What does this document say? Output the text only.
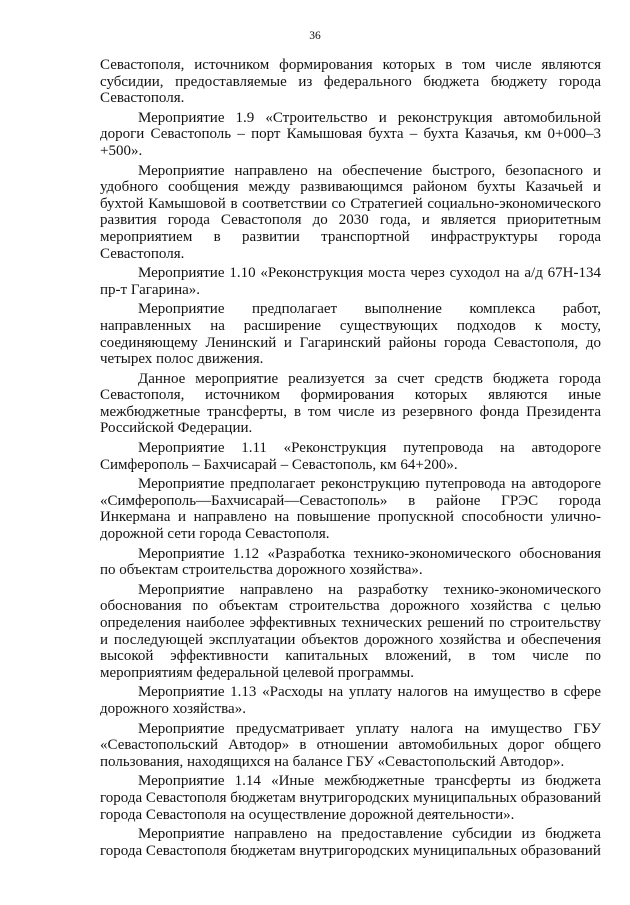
36

Севастополя, источником формирования которых в том числе являются субсидии, предоставляемые из федерального бюджета бюджету города Севастополя.

Мероприятие 1.9 «Строительство и реконструкция автомобильной дороги Севастополь – порт Камышовая бухта – бухта Казачья, км 0+000–3 +500».

Мероприятие направлено на обеспечение быстрого, безопасного и удобного сообщения между развивающимся районом бухты Казачьей и бухтой Камышовой в соответствии со Стратегией социально-экономического развития города Севастополя до 2030 года, и является приоритетным мероприятием в развитии транспортной инфраструктуры города Севастополя.

Мероприятие 1.10 «Реконструкция моста через суходол на а/д 67Н-134 пр-т Гагарина».

Мероприятие предполагает выполнение комплекса работ, направленных на расширение существующих подходов к мосту, соединяющему Ленинский и Гагаринский районы города Севастополя, до четырех полос движения.

Данное мероприятие реализуется за счет средств бюджета города Севастополя, источником формирования которых являются иные межбюджетные трансферты, в том числе из резервного фонда Президента Российской Федерации.

Мероприятие 1.11 «Реконструкция путепровода на автодороге Симферополь – Бахчисарай – Севастополь, км 64+200».

Мероприятие предполагает реконструкцию путепровода на автодороге «Симферополь—Бахчисарай—Севастополь» в районе ГРЭС города Инкермана и направлено на повышение пропускной способности улично-дорожной сети города Севастополя.

Мероприятие 1.12 «Разработка технико-экономического обоснования по объектам строительства дорожного хозяйства».

Мероприятие направлено на разработку технико-экономического обоснования по объектам строительства дорожного хозяйства с целью определения наиболее эффективных технических решений по строительству и последующей эксплуатации объектов дорожного хозяйства и обеспечения высокой эффективности капитальных вложений, в том числе по мероприятиям федеральной целевой программы.

Мероприятие 1.13 «Расходы на уплату налогов на имущество в сфере дорожного хозяйства».

Мероприятие предусматривает уплату налога на имущество ГБУ «Севастопольский Автодор» в отношении автомобильных дорог общего пользования, находящихся на балансе ГБУ «Севастопольский Автодор».

Мероприятие 1.14 «Иные межбюджетные трансферты из бюджета города Севастополя бюджетам внутригородских муниципальных образований города Севастополя на осуществление дорожной деятельности».

Мероприятие направлено на предоставление субсидии из бюджета города Севастополя бюджетам внутригородских муниципальных образований
